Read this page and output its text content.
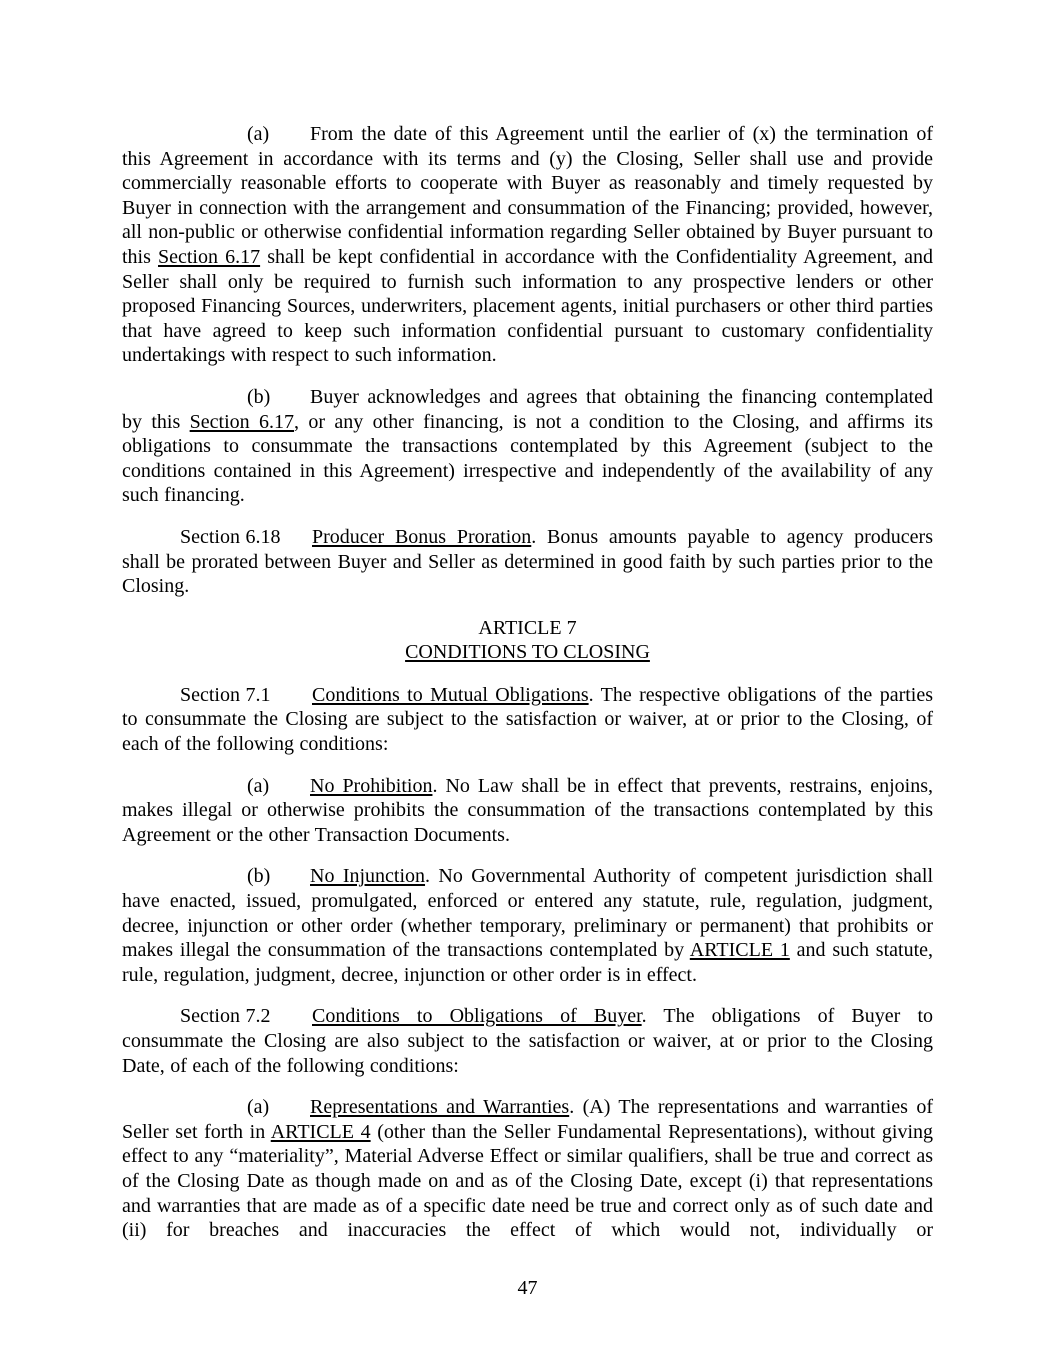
(a) From the date of this Agreement until the earlier of (x) the termination of this Agreement in accordance with its terms and (y) the Closing, Seller shall use and provide commercially reasonable efforts to cooperate with Buyer as reasonably and timely requested by Buyer in connection with the arrangement and consummation of the Financing; provided, however, all non-public or otherwise confidential information regarding Seller obtained by Buyer pursuant to this Section 6.17 shall be kept confidential in accordance with the Confidentiality Agreement, and Seller shall only be required to furnish such information to any prospective lenders or other proposed Financing Sources, underwriters, placement agents, initial purchasers or other third parties that have agreed to keep such information confidential pursuant to customary confidentiality undertakings with respect to such information.

(b) Buyer acknowledges and agrees that obtaining the financing contemplated by this Section 6.17, or any other financing, is not a condition to the Closing, and affirms its obligations to consummate the transactions contemplated by this Agreement (subject to the conditions contained in this Agreement) irrespective and independently of the availability of any such financing.

Section 6.18 Producer Bonus Proration. Bonus amounts payable to agency producers shall be prorated between Buyer and Seller as determined in good faith by such parties prior to the Closing.

ARTICLE 7

CONDITIONS TO CLOSING

Section 7.1 Conditions to Mutual Obligations. The respective obligations of the parties to consummate the Closing are subject to the satisfaction or waiver, at or prior to the Closing, of each of the following conditions:

(a) No Prohibition. No Law shall be in effect that prevents, restrains, enjoins, makes illegal or otherwise prohibits the consummation of the transactions contemplated by this Agreement or the other Transaction Documents.

(b) No Injunction. No Governmental Authority of competent jurisdiction shall have enacted, issued, promulgated, enforced or entered any statute, rule, regulation, judgment, decree, injunction or other order (whether temporary, preliminary or permanent) that prohibits or makes illegal the consummation of the transactions contemplated by ARTICLE 1 and such statute, rule, regulation, judgment, decree, injunction or other order is in effect.

Section 7.2 Conditions to Obligations of Buyer. The obligations of Buyer to consummate the Closing are also subject to the satisfaction or waiver, at or prior to the Closing Date, of each of the following conditions:

(a) Representations and Warranties. (A) The representations and warranties of Seller set forth in ARTICLE 4 (other than the Seller Fundamental Representations), without giving effect to any “materiality”, Material Adverse Effect or similar qualifiers, shall be true and correct as of the Closing Date as though made on and as of the Closing Date, except (i) that representations and warranties that are made as of a specific date need be true and correct only as of such date and (ii) for breaches and inaccuracies the effect of which would not, individually or

47
